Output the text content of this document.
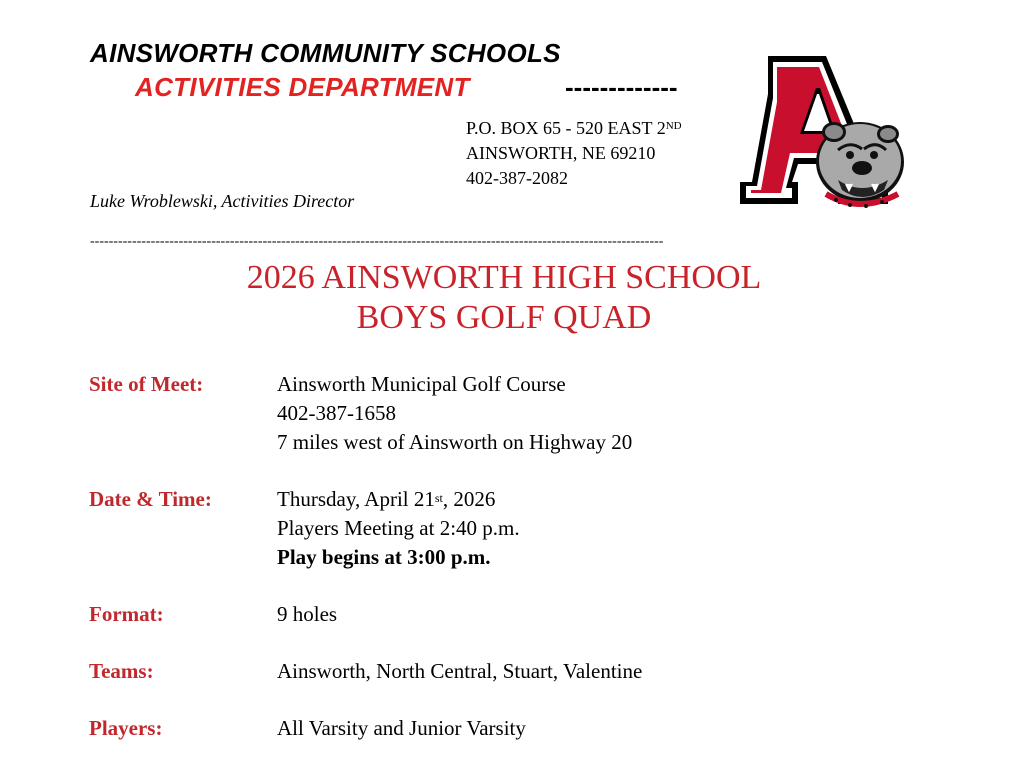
AINSWORTH COMMUNITY SCHOOLS
ACTIVITIES DEPARTMENT	-------------
P.O. BOX 65 - 520 EAST 2ND
AINSWORTH, NE 69210
402-387-2082
Luke Wroblewski, Activities Director
---------------------------------------------------------------------------------------------------------------------------
2026 AINSWORTH HIGH SCHOOL
BOYS GOLF QUAD
Site of Meet:	Ainsworth Municipal Golf Course
402-387-1658
7 miles west of Ainsworth on Highway 20
Date & Time:	Thursday, April 21st, 2026
Players Meeting at 2:40 p.m.
Play begins at 3:00 p.m.
Format:	9 holes
Teams:	Ainsworth, North Central, Stuart, Valentine
Players:	All Varsity and Junior Varsity
